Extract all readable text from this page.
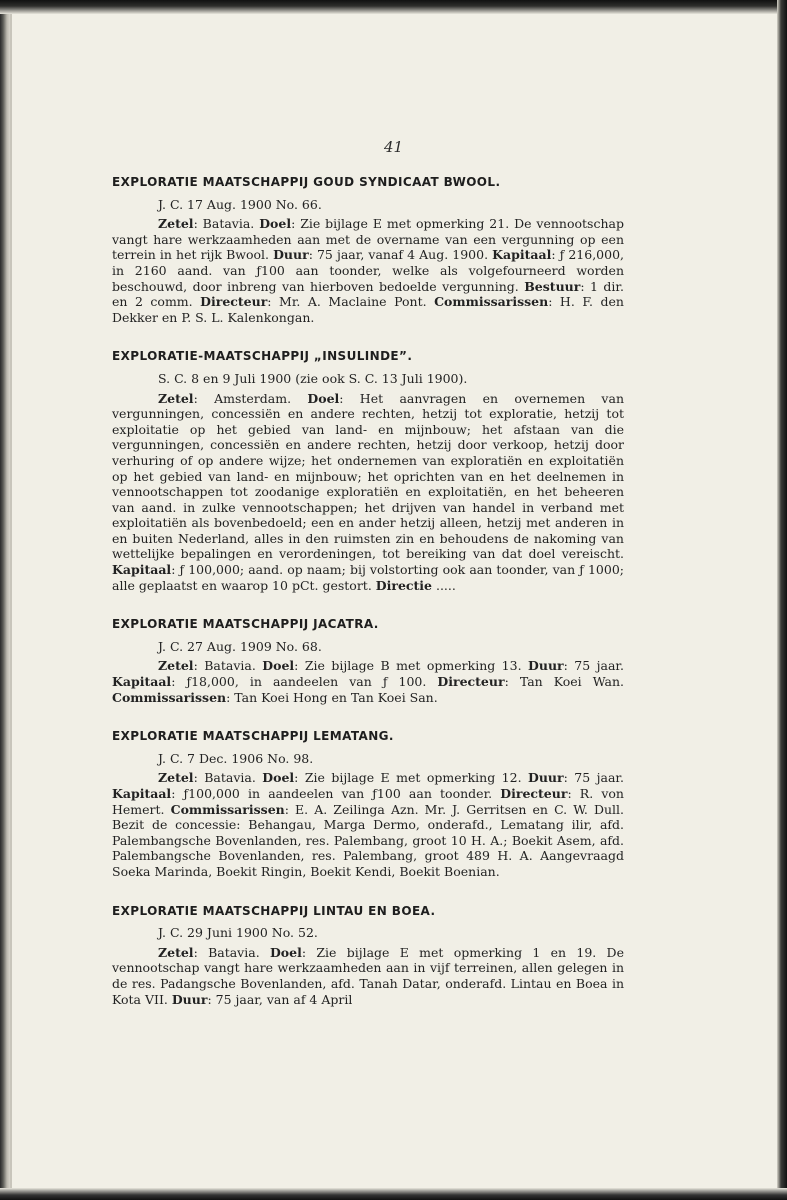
41
EXPLORATIE MAATSCHAPPIJ GOUD SYNDICAAT BWOOL.
J. C. 17 Aug. 1900 No. 66.
Zetel: Batavia. Doel: Zie bijlage E met opmerking 21. De vennootschap vangt hare werkzaamheden aan met de overname van een vergunning op een terrein in het rijk Bwool. Duur: 75 jaar, vanaf 4 Aug. 1900. Kapitaal: ƒ 216,000, in 2160 aand. van ƒ100 aan toonder, welke als volgefourneerd worden beschouwd, door inbreng van hierboven bedoelde vergunning. Bestuur: 1 dir. en 2 comm. Directeur: Mr. A. Maclaine Pont. Commissarissen: H. F. den Dekker en P. S. L. Kalenkongan.
EXPLORATIE-MAATSCHAPPIJ „INSULINDE”.
S. C. 8 en 9 Juli 1900 (zie ook S. C. 13 Juli 1900).
Zetel: Amsterdam. Doel: Het aanvragen en overnemen van vergunningen, concessiën en andere rechten, hetzij tot exploratie, hetzij tot exploitatie op het gebied van land- en mijnbouw; het afstaan van die vergunningen, concessiën en andere rechten, hetzij door verkoop, hetzij door verhuring of op andere wijze; het ondernemen van exploratiën en exploitatiën op het gebied van land- en mijnbouw; het oprichten van en het deelnemen in vennootschappen tot zoodanige exploratiën en exploitatiën, en het beheeren van aand. in zulke vennootschappen; het drijven van handel in verband met exploitatiën als bovenbedoeld; een en ander hetzij alleen, hetzij met anderen in en buiten Nederland, alles in den ruimsten zin en behoudens de nakoming van wettelijke bepalingen en verordeningen, tot bereiking van dat doel vereischt. Kapitaal: ƒ 100,000; aand. op naam; bij volstorting ook aan toonder, van ƒ 1000; alle geplaatst en waarop 10 pCt. gestort. Directie .....
EXPLORATIE MAATSCHAPPIJ JACATRA.
J. C. 27 Aug. 1909 No. 68.
Zetel: Batavia. Doel: Zie bijlage B met opmerking 13. Duur: 75 jaar. Kapitaal: ƒ18,000, in aandeelen van ƒ 100. Directeur: Tan Koei Wan. Commissarissen: Tan Koei Hong en Tan Koei San.
EXPLORATIE MAATSCHAPPIJ LEMATANG.
J. C. 7 Dec. 1906 No. 98.
Zetel: Batavia. Doel: Zie bijlage E met opmerking 12. Duur: 75 jaar. Kapitaal: ƒ100,000 in aandeelen van ƒ100 aan toonder. Directeur: R. von Hemert. Commissarissen: E. A. Zeilinga Azn. Mr. J. Gerritsen en C. W. Dull. Bezit de concessie: Behangau, Marga Dermo, onderafd., Lematang ilir, afd. Palembangsche Bovenlanden, res. Palembang, groot 10 H. A.; Boekit Asem, afd. Palembangsche Bovenlanden, res. Palembang, groot 489 H. A. Aangevraagd Soeka Marinda, Boekit Ringin, Boekit Kendi, Boekit Boenian.
EXPLORATIE MAATSCHAPPIJ LINTAU EN BOEA.
J. C. 29 Juni 1900 No. 52.
Zetel: Batavia. Doel: Zie bijlage E met opmerking 1 en 19. De vennootschap vangt hare werkzaamheden aan in vijf terreinen, allen gelegen in de res. Padangsche Bovenlanden, afd. Tanah Datar, onderafd. Lintau en Boea in Kota VII. Duur: 75 jaar, van af 4 April
